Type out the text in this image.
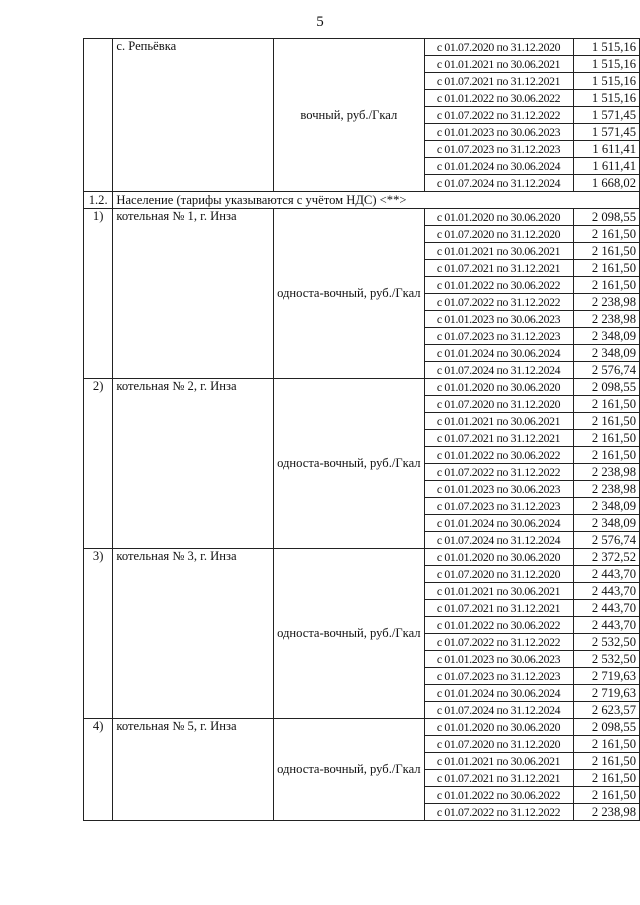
5
	с. Репьёвка	вочный, руб./Гкал	с 01.07.2020 по 31.12.2020	1 515,16
			с 01.01.2021 по 30.06.2021	1 515,16
			с 01.07.2021 по 31.12.2021	1 515,16
			с 01.01.2022 по 30.06.2022	1 515,16
			с 01.07.2022 по 31.12.2022	1 571,45
			с 01.01.2023 по 30.06.2023	1 571,45
			с 01.07.2023 по 31.12.2023	1 611,41
			с 01.01.2024 по 30.06.2024	1 611,41
			с 01.07.2024 по 31.12.2024	1 668,02
1.2.	Население (тарифы указываются с учётом НДС) <**>			
1)	котельная № 1, г. Инза	одностa-вочный, руб./Гкал	с 01.01.2020 по 30.06.2020	2 098,55
			с 01.07.2020 по 31.12.2020	2 161,50
			с 01.01.2021 по 30.06.2021	2 161,50
			с 01.07.2021 по 31.12.2021	2 161,50
			с 01.01.2022 по 30.06.2022	2 161,50
			с 01.07.2022 по 31.12.2022	2 238,98
			с 01.01.2023 по 30.06.2023	2 238,98
			с 01.07.2023 по 31.12.2023	2 348,09
			с 01.01.2024 по 30.06.2024	2 348,09
			с 01.07.2024 по 31.12.2024	2 576,74
2)	котельная № 2, г. Инза	одностa-вочный, руб./Гкал	с 01.01.2020 по 30.06.2020	2 098,55
			с 01.07.2020 по 31.12.2020	2 161,50
			с 01.01.2021 по 30.06.2021	2 161,50
			с 01.07.2021 по 31.12.2021	2 161,50
			с 01.01.2022 по 30.06.2022	2 161,50
			с 01.07.2022 по 31.12.2022	2 238,98
			с 01.01.2023 по 30.06.2023	2 238,98
			с 01.07.2023 по 31.12.2023	2 348,09
			с 01.01.2024 по 30.06.2024	2 348,09
			с 01.07.2024 по 31.12.2024	2 576,74
3)	котельная № 3, г. Инза	одностa-вочный, руб./Гкал	с 01.01.2020 по 30.06.2020	2 372,52
			с 01.07.2020 по 31.12.2020	2 443,70
			с 01.01.2021 по 30.06.2021	2 443,70
			с 01.07.2021 по 31.12.2021	2 443,70
			с 01.01.2022 по 30.06.2022	2 443,70
			с 01.07.2022 по 31.12.2022	2 532,50
			с 01.01.2023 по 30.06.2023	2 532,50
			с 01.07.2023 по 31.12.2023	2 719,63
			с 01.01.2024 по 30.06.2024	2 719,63
			с 01.07.2024 по 31.12.2024	2 623,57
4)	котельная № 5, г. Инза	одностa-вочный, руб./Гкал	с 01.01.2020 по 30.06.2020	2 098,55
			с 01.07.2020 по 31.12.2020	2 161,50
			с 01.01.2021 по 30.06.2021	2 161,50
			с 01.07.2021 по 31.12.2021	2 161,50
			с 01.01.2022 по 30.06.2022	2 161,50
			с 01.07.2022 по 31.12.2022	2 238,98
